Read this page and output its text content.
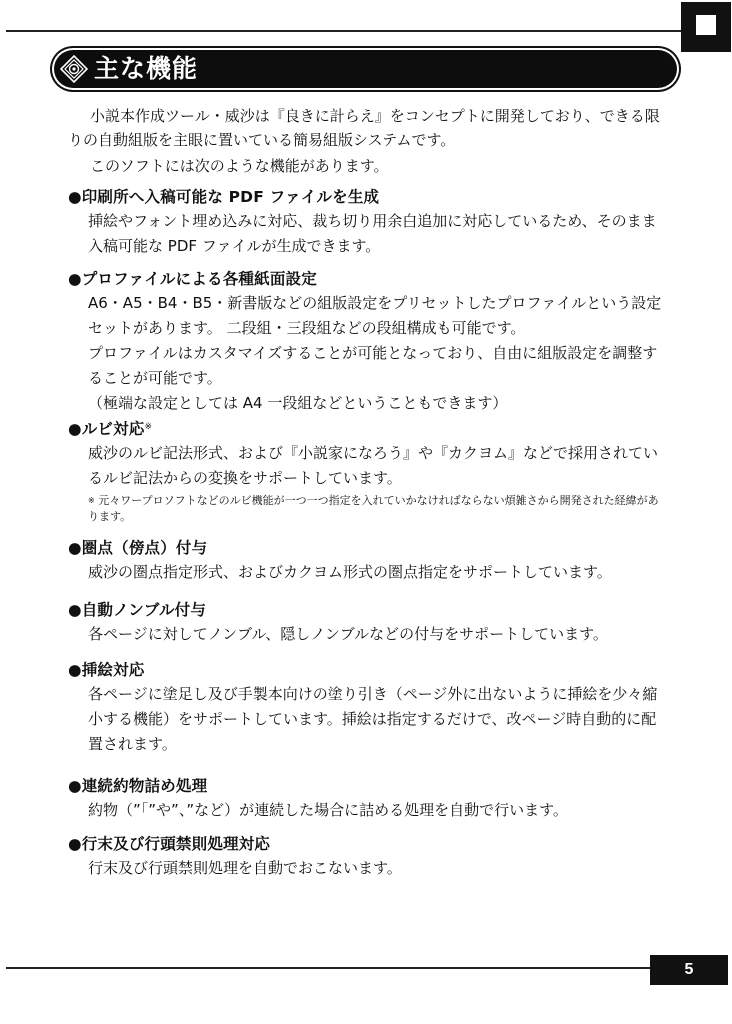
主な機能

小説本作成ツール・威沙は『良きに計らえ』をコンセプトに開発しており、できる限りの自動組版を主眼に置いている簡易組版システムです。

このソフトには次のような機能があります。

●印刷所へ入稿可能な PDF ファイルを生成

挿絵やフォント埋め込みに対応、裁ち切り用余白追加に対応しているため、そのまま入稿可能な PDF ファイルが生成できます。

●プロファイルによる各種紙面設定

A6・A5・B4・B5・新書版などの組版設定をプリセットしたプロファイルという設定セットがあります。 二段組・三段組などの段組構成も可能です。

プロファイルはカスタマイズすることが可能となっており、自由に組版設定を調整することが可能です。

（極端な設定としては A4 一段組などということもできます）

●ルビ対応※

威沙のルビ記法形式、および『小説家になろう』や『カクヨム』などで採用されているルビ記法からの変換をサポートしています。

※ 元々ワープロソフトなどのルビ機能が一つ一つ指定を入れていかなければならない煩雑さから開発された経緯があります。
●圏点（傍点）付与

威沙の圏点指定形式、およびカクヨム形式の圏点指定をサポートしています。

●自動ノンブル付与

各ページに対してノンブル、隠しノンブルなどの付与をサポートしています。

●挿絵対応

各ページに塗足し及び手製本向けの塗り引き（ページ外に出ないように挿絵を少々縮小する機能）をサポートしています。挿絵は指定するだけで、改ページ時自動的に配置されます。

●連続約物詰め処理

約物（”「”や”、”など）が連続した場合に詰める処理を自動で行います。

●行末及び行頭禁則処理対応

行末及び行頭禁則処理を自動でおこないます。

5
